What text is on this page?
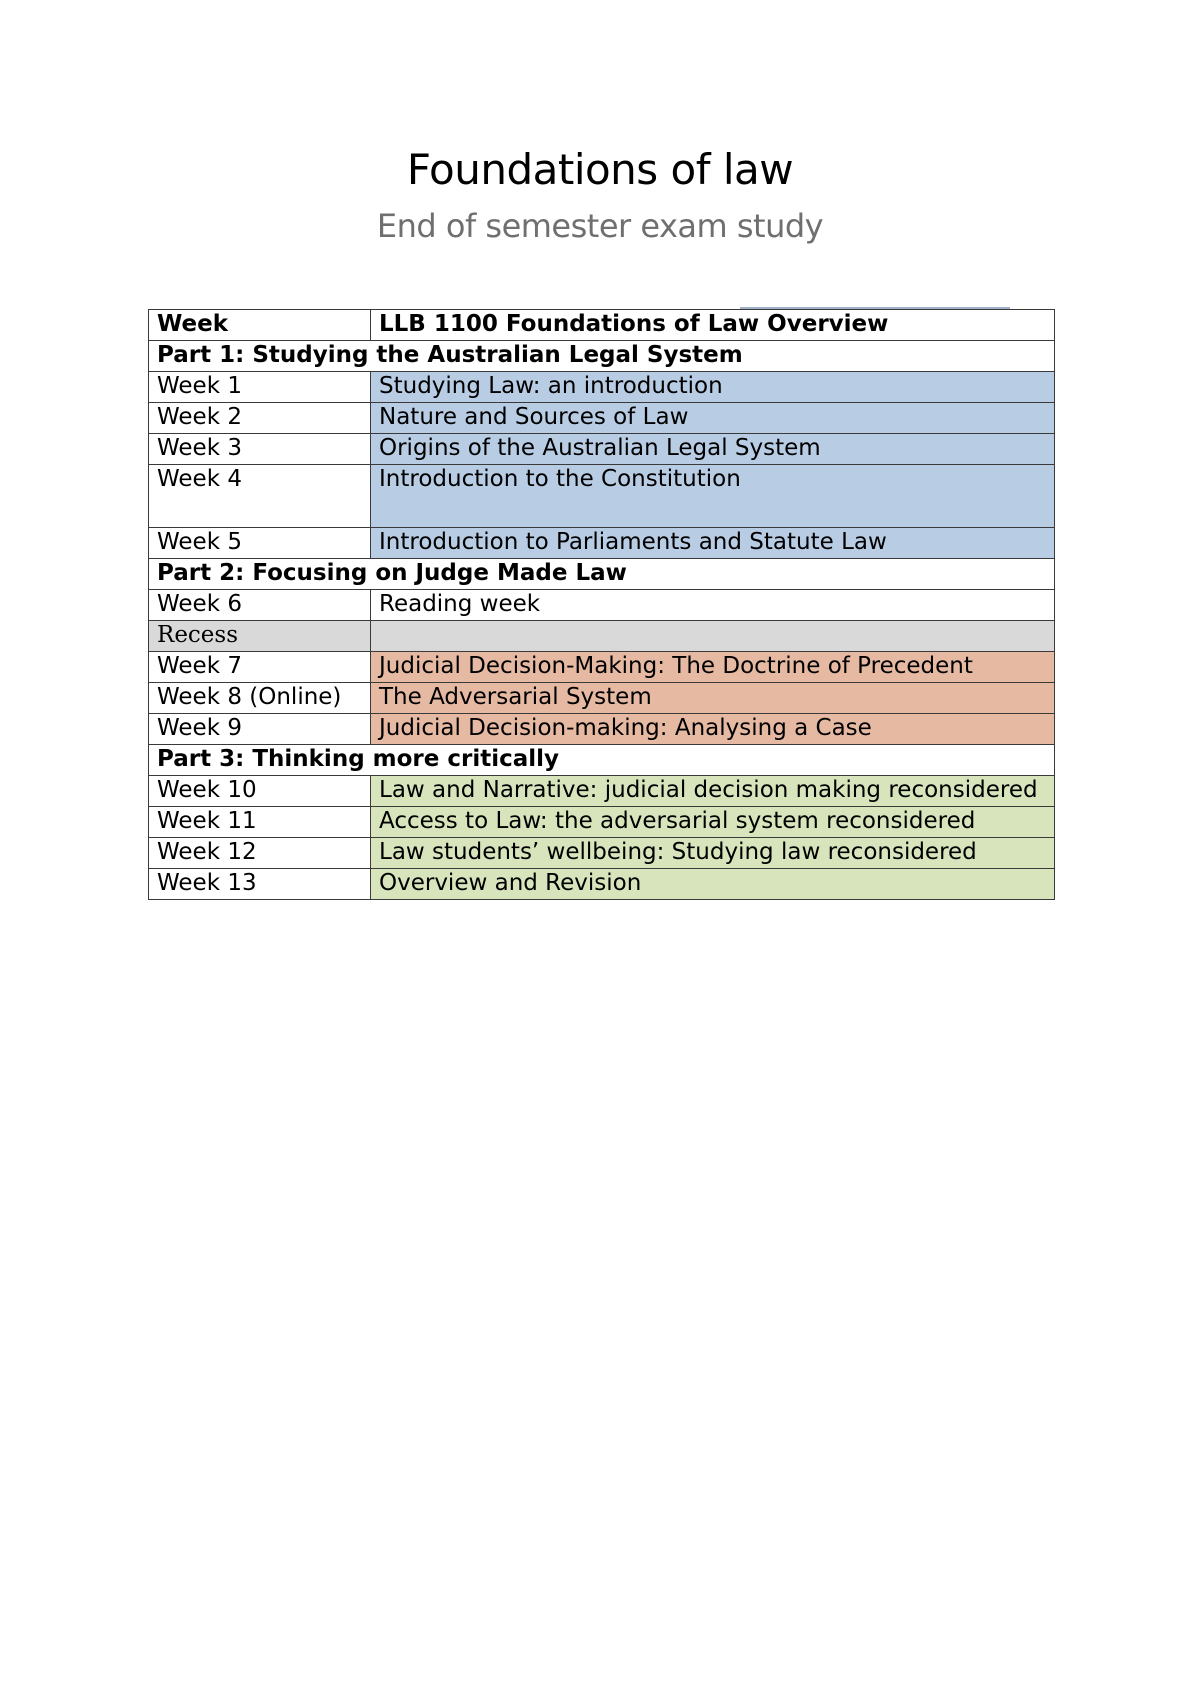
Foundations of law
End of semester exam study
Week	LLB 1100 Foundations of Law Overview
Part 1: Studying the Australian Legal System	
Week 1	Studying Law: an introduction
Week 2	Nature and Sources of Law
Week 3	Origins of the Australian Legal System
Week 4	Introduction to the Constitution
Week 5	Introduction to Parliaments and Statute Law
Part 2: Focusing on Judge Made Law	
Week 6	Reading week
Recess	
Week 7	Judicial Decision-Making: The Doctrine of Precedent
Week 8 (Online)	The Adversarial System
Week 9	Judicial Decision-making: Analysing a Case
Part 3: Thinking more critically	
Week 10	Law and Narrative: judicial decision making reconsidered
Week 11	Access to Law: the adversarial system reconsidered
Week 12	Law students’ wellbeing: Studying law reconsidered
Week 13	Overview and Revision
